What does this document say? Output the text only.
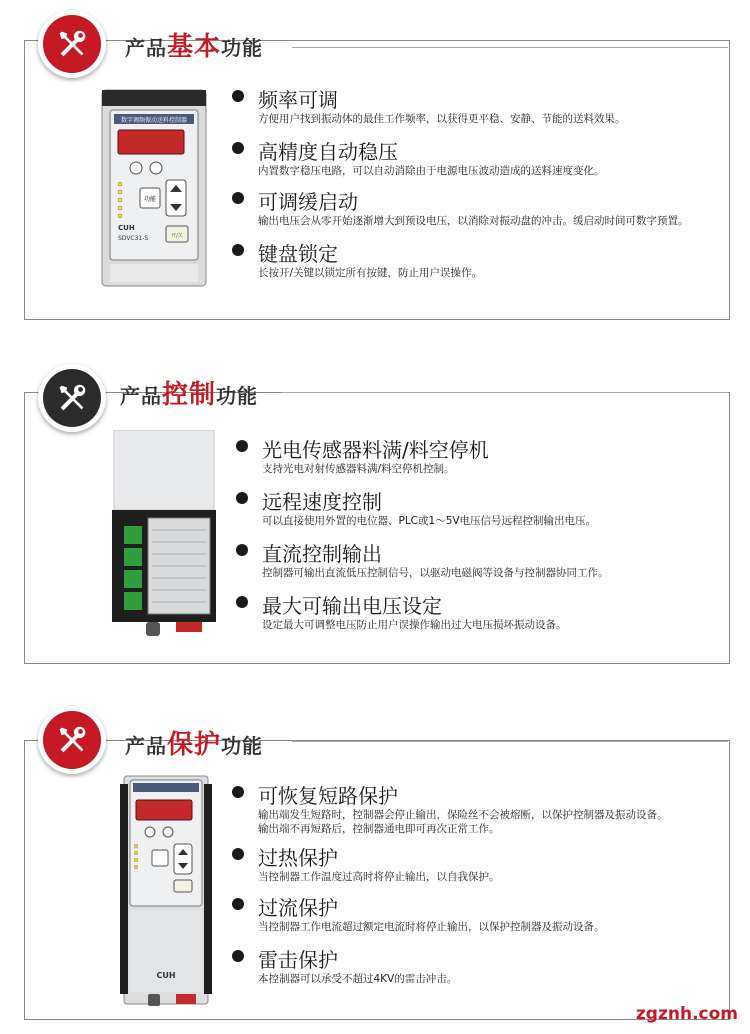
产品基本功能
数字调频振动送料控制器
功能
CUH
SDVC31-S	开/关
频率可调
方便用户找到振动体的最佳工作频率，以获得更平稳、安静、节能的送料效果。
高精度自动稳压
内置数字稳压电路，可以自动消除由于电源电压波动造成的送料速度变化。
可调缓启动
输出电压会从零开始逐渐增大到预设电压，以消除对振动盘的冲击。缓启动时间可数字预置。
键盘锁定
长按开/关键以锁定所有按键，防止用户误操作。
产品控制功能
光电传感器料满/料空停机
支持光电对射传感器料满/料空停机控制。
远程速度控制
可以直接使用外置的电位器、PLC或1～5V电压信号远程控制输出电压。
直流控制输出
控制器可输出直流低压控制信号，以驱动电磁阀等设备与控制器协同工作。
最大可输出电压设定
设定最大可调整电压防止用户误操作输出过大电压损坏振动设备。
产品保护功能
CUH
可恢复短路保护
输出端发生短路时，控制器会停止输出，保险丝不会被熔断，以保护控制器及振动设备。
输出端不再短路后，控制器通电即可再次正常工作。
过热保护
当控制器工作温度过高时将停止输出，以自我保护。
过流保护
当控制器工作电流超过额定电流时将停止输出，以保护控制器及振动设备。
雷击保护
本控制器可以承受不超过4KV的雷击冲击。
zgznh.com
